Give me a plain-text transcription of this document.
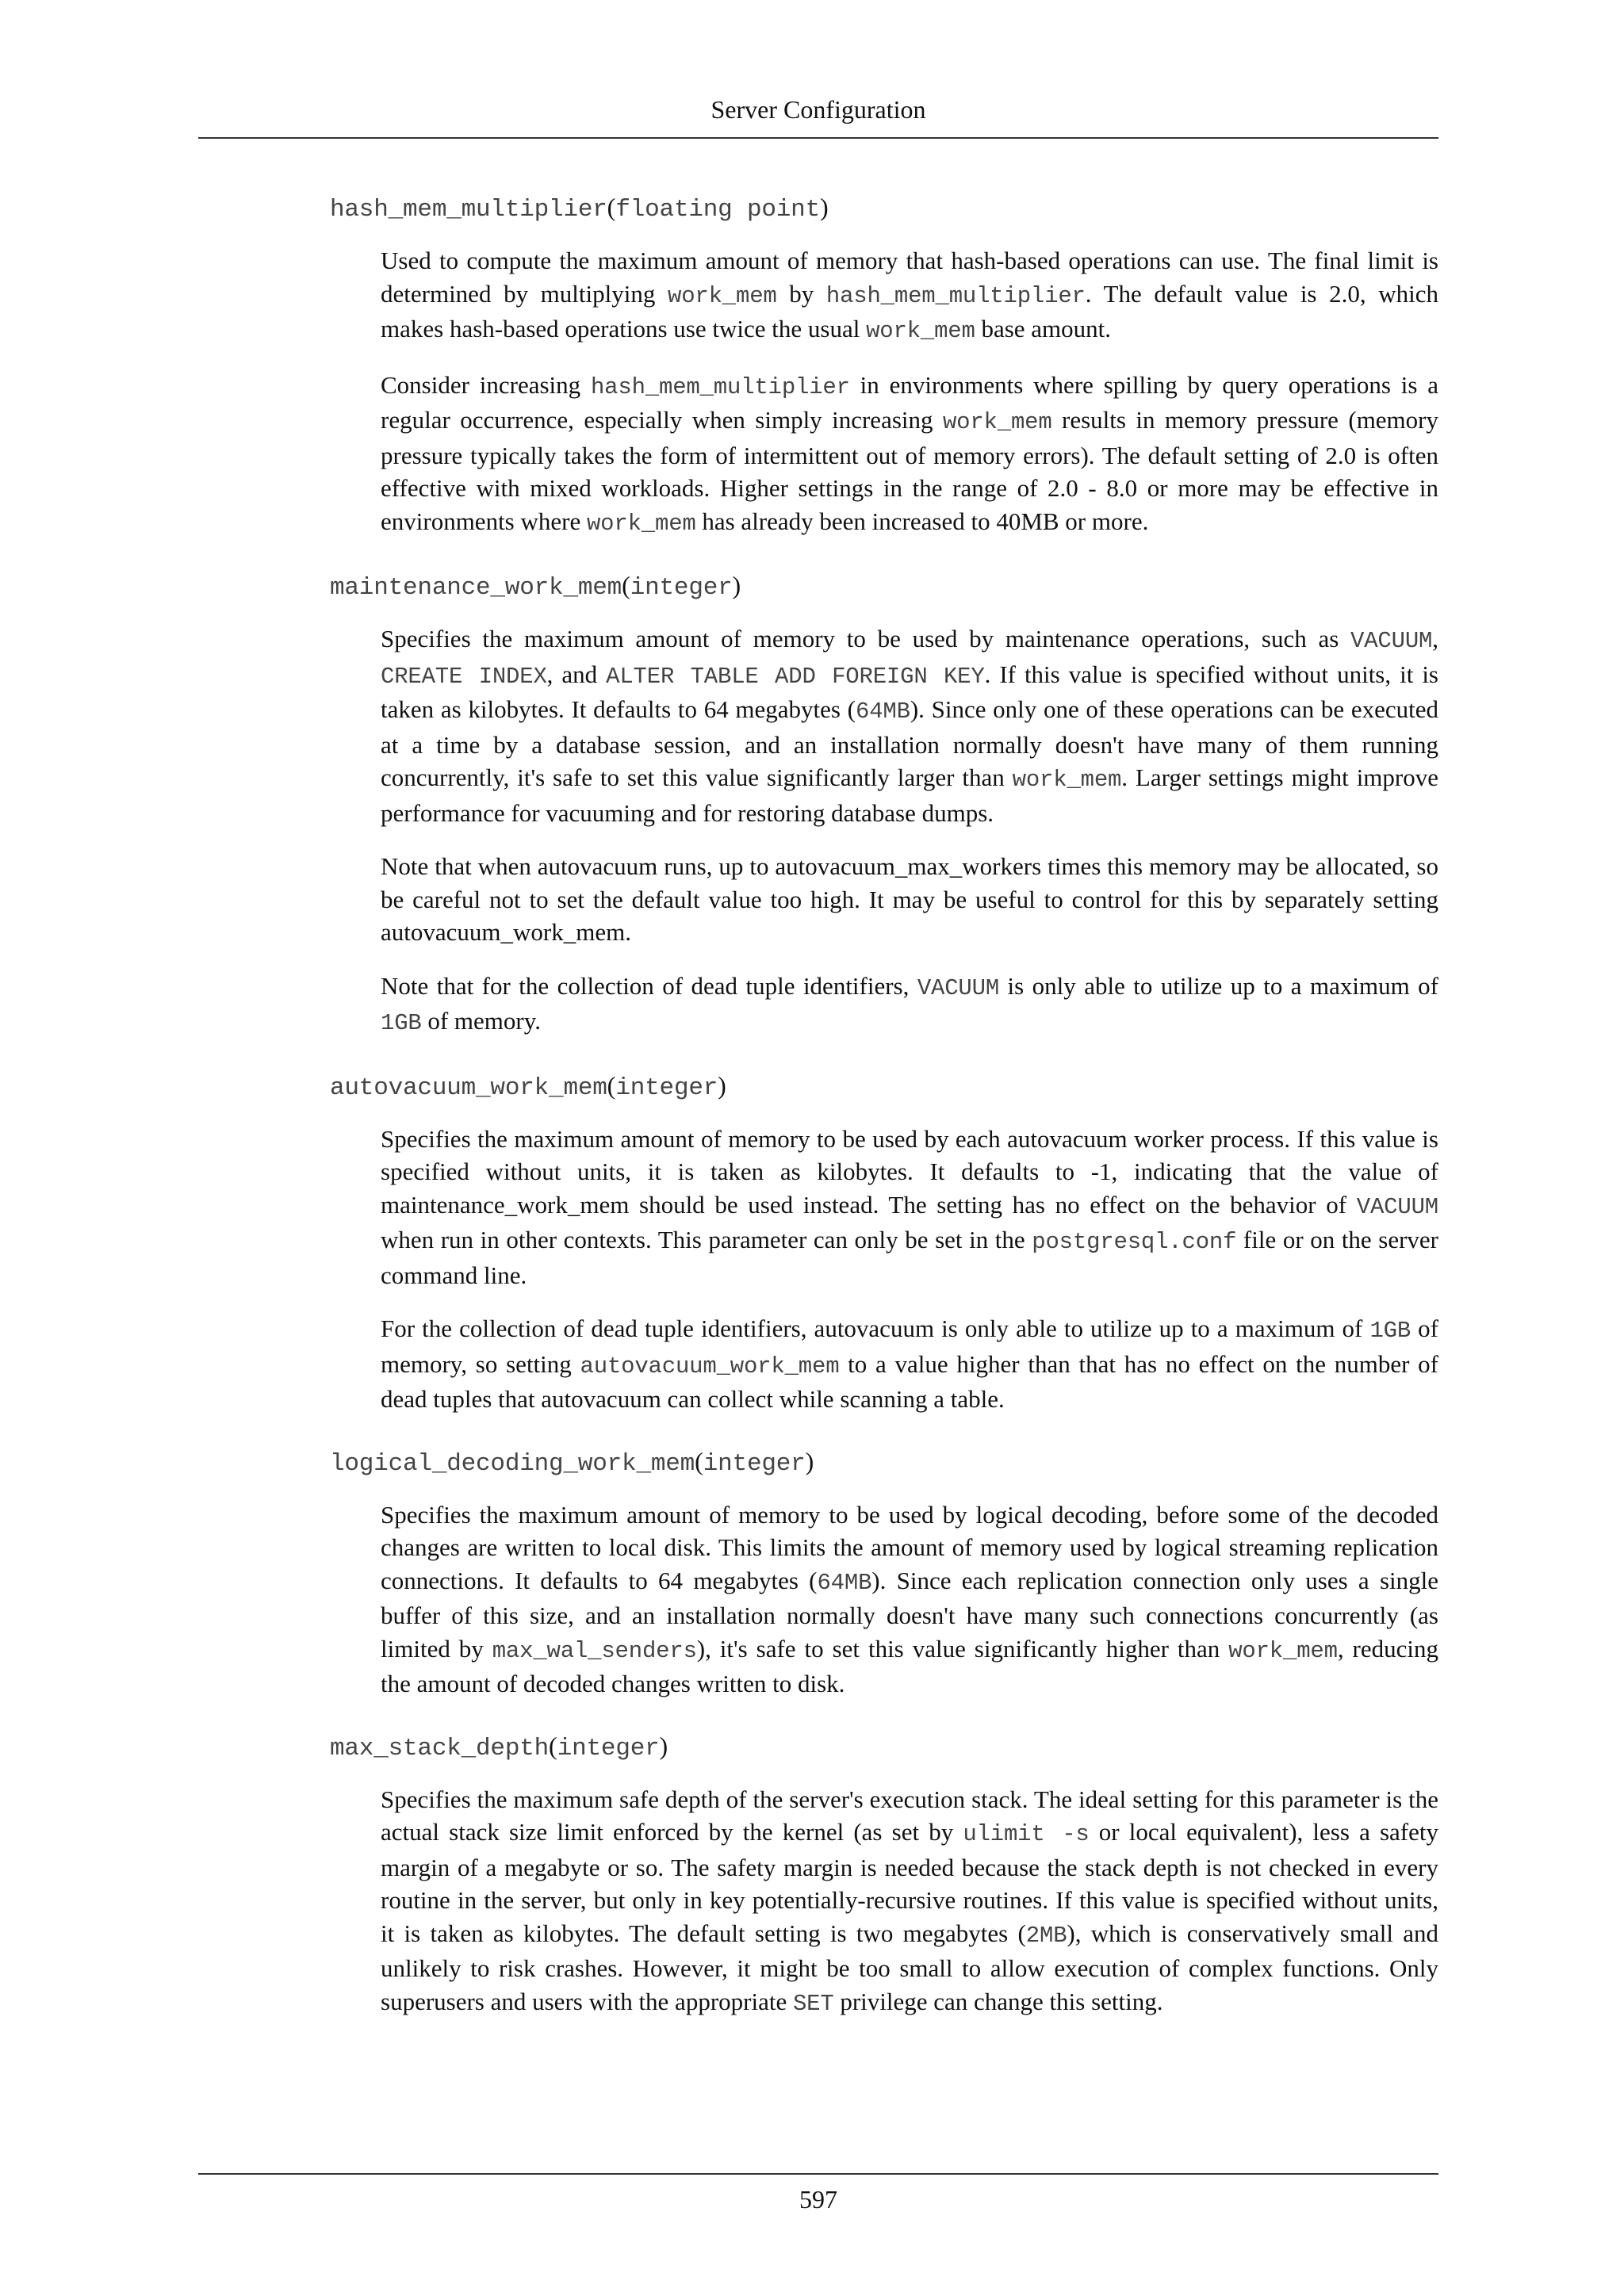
Server Configuration
hash_mem_multiplier(floating point)

Used to compute the maximum amount of memory that hash-based operations can use. The final limit is determined by multiplying work_mem by hash_mem_multiplier. The default value is 2.0, which makes hash-based operations use twice the usual work_mem base amount.

Consider increasing hash_mem_multiplier in environments where spilling by query operations is a regular occurrence, especially when simply increasing work_mem results in memory pressure (memory pressure typically takes the form of intermittent out of memory errors). The default setting of 2.0 is often effective with mixed workloads. Higher settings in the range of 2.0 - 8.0 or more may be effective in environments where work_mem has already been increased to 40MB or more.

maintenance_work_mem(integer)

Specifies the maximum amount of memory to be used by maintenance operations, such as VACUUM, CREATE INDEX, and ALTER TABLE ADD FOREIGN KEY. If this value is specified without units, it is taken as kilobytes. It defaults to 64 megabytes (64MB). Since only one of these operations can be executed at a time by a database session, and an installation normally doesn't have many of them running concurrently, it's safe to set this value significantly larger than work_mem. Larger settings might improve performance for vacuuming and for restoring database dumps.

Note that when autovacuum runs, up to autovacuum_max_workers times this memory may be allocated, so be careful not to set the default value too high. It may be useful to control for this by separately setting autovacuum_work_mem.

Note that for the collection of dead tuple identifiers, VACUUM is only able to utilize up to a maximum of 1GB of memory.

autovacuum_work_mem(integer)

Specifies the maximum amount of memory to be used by each autovacuum worker process. If this value is specified without units, it is taken as kilobytes. It defaults to -1, indicating that the value of maintenance_work_mem should be used instead. The setting has no effect on the behavior of VACUUM when run in other contexts. This parameter can only be set in the postgresql.conf file or on the server command line.

For the collection of dead tuple identifiers, autovacuum is only able to utilize up to a maximum of 1GB of memory, so setting autovacuum_work_mem to a value higher than that has no effect on the number of dead tuples that autovacuum can collect while scanning a table.

logical_decoding_work_mem(integer)

Specifies the maximum amount of memory to be used by logical decoding, before some of the decoded changes are written to local disk. This limits the amount of memory used by logical streaming replication connections. It defaults to 64 megabytes (64MB). Since each replication connection only uses a single buffer of this size, and an installation normally doesn't have many such connections concurrently (as limited by max_wal_senders), it's safe to set this value significantly higher than work_mem, reducing the amount of decoded changes written to disk.

max_stack_depth(integer)

Specifies the maximum safe depth of the server's execution stack. The ideal setting for this parameter is the actual stack size limit enforced by the kernel (as set by ulimit -s or local equivalent), less a safety margin of a megabyte or so. The safety margin is needed because the stack depth is not checked in every routine in the server, but only in key potentially-recursive routines. If this value is specified without units, it is taken as kilobytes. The default setting is two megabytes (2MB), which is conservatively small and unlikely to risk crashes. However, it might be too small to allow execution of complex functions. Only superusers and users with the appropriate SET privilege can change this setting.

597
